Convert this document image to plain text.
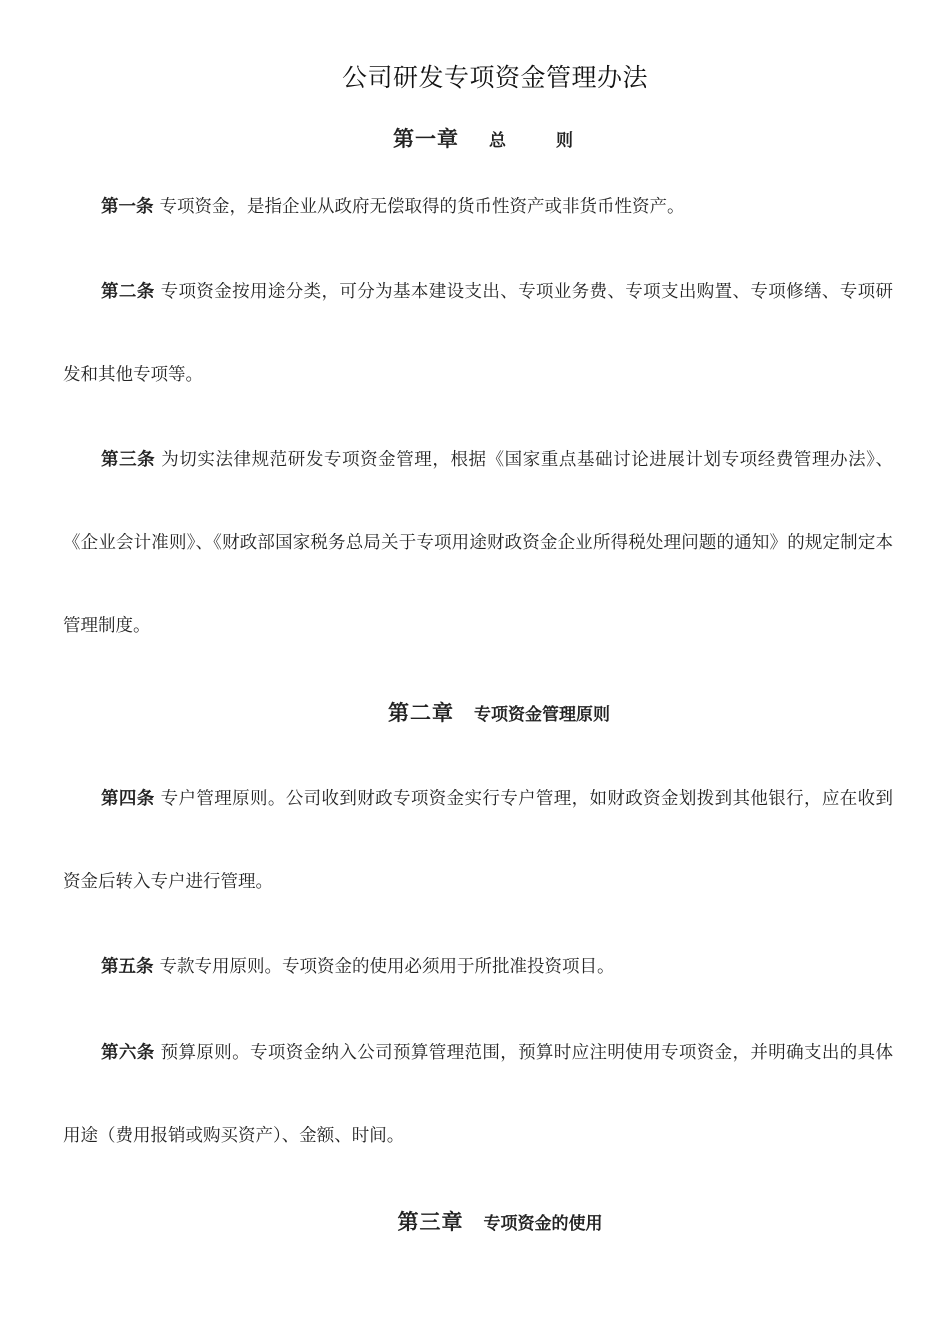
公司研发专项资金管理办法
第一章 总 则

第一条 专项资金，是指企业从政府无偿取得的货币性资产或非货币性资产。

第二条 专项资金按用途分类，可分为基本建设支出、专项业务费、专项支出购置、专项修缮、专项研发和其他专项等。

第三条 为切实法律规范研发专项资金管理，根据《国家重点基础讨论进展计划专项经费管理办法》、《企业会计准则》、《财政部国家税务总局关于专项用途财政资金企业所得税处理问题的通知》的规定制定本管理制度。

第二章 专项资金管理原则

第四条 专户管理原则。公司收到财政专项资金实行专户管理，如财政资金划拨到其他银行，应在收到资金后转入专户进行管理。

第五条 专款专用原则。专项资金的使用必须用于所批准投资项目。

第六条 预算原则。专项资金纳入公司预算管理范围，预算时应注明使用专项资金，并明确支出的具体用途（费用报销或购买资产）、金额、时间。

第三章 专项资金的使用
